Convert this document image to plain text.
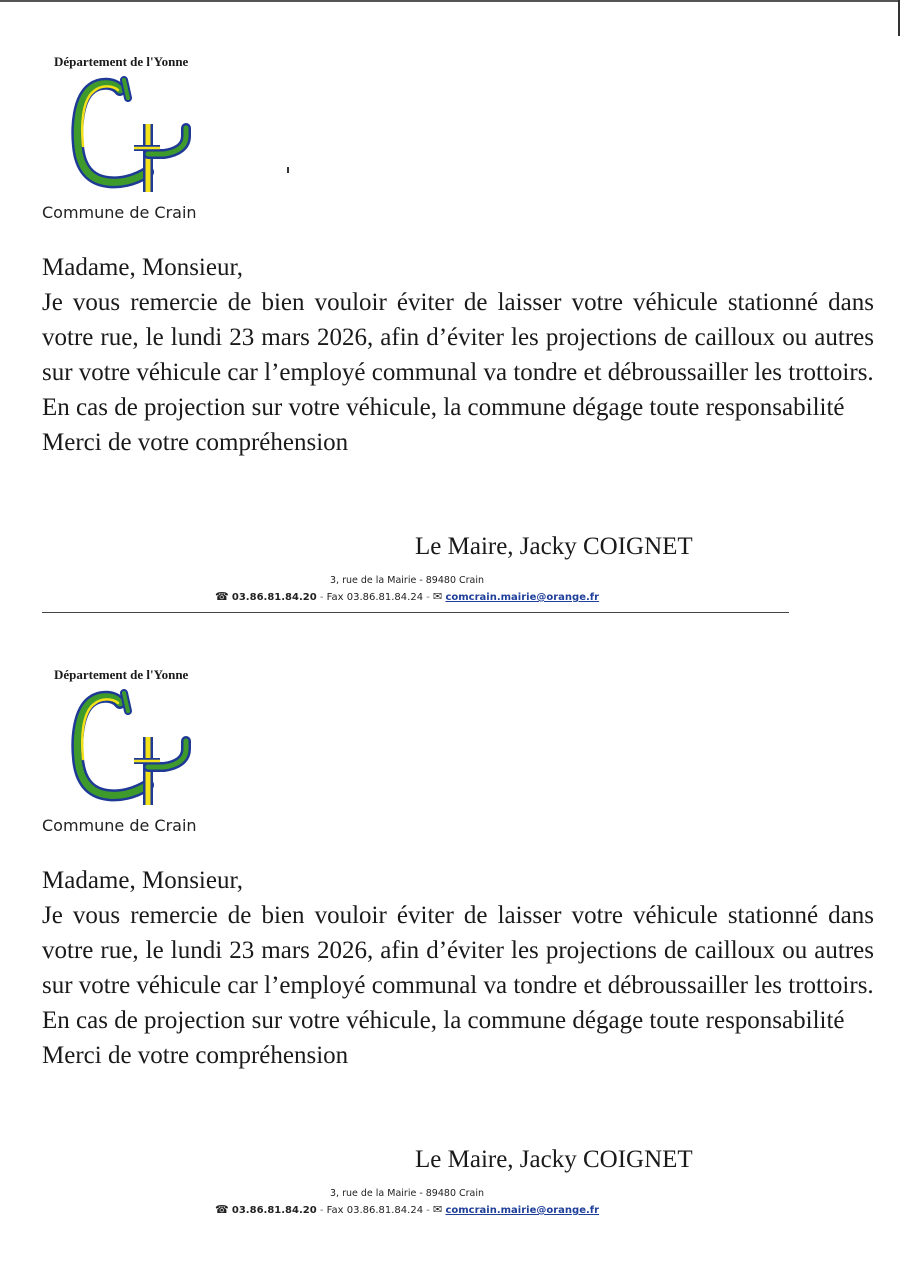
Département de l'Yonne
Commune de Crain

Madame, Monsieur,

Je vous remercie de bien vouloir éviter de laisser votre véhicule stationné dans votre rue, le lundi 23 mars 2026, afin d’éviter les projections de cailloux ou autres sur votre véhicule car l’employé communal va tondre et débroussailler les trottoirs.

En cas de projection sur votre véhicule, la commune dégage toute responsabilité

Merci de votre compréhension

Le Maire, Jacky COIGNET
3, rue de la Mairie - 89480 Crain
☎ 03.86.81.84.20 - Fax 03.86.81.84.24 - ✉ comcrain.mairie@orange.fr
Département de l'Yonne
Commune de Crain

Madame, Monsieur,

Je vous remercie de bien vouloir éviter de laisser votre véhicule stationné dans votre rue, le lundi 23 mars 2026, afin d’éviter les projections de cailloux ou autres sur votre véhicule car l’employé communal va tondre et débroussailler les trottoirs.

En cas de projection sur votre véhicule, la commune dégage toute responsabilité

Merci de votre compréhension

Le Maire, Jacky COIGNET
3, rue de la Mairie - 89480 Crain
☎ 03.86.81.84.20 - Fax 03.86.81.84.24 - ✉ comcrain.mairie@orange.fr
